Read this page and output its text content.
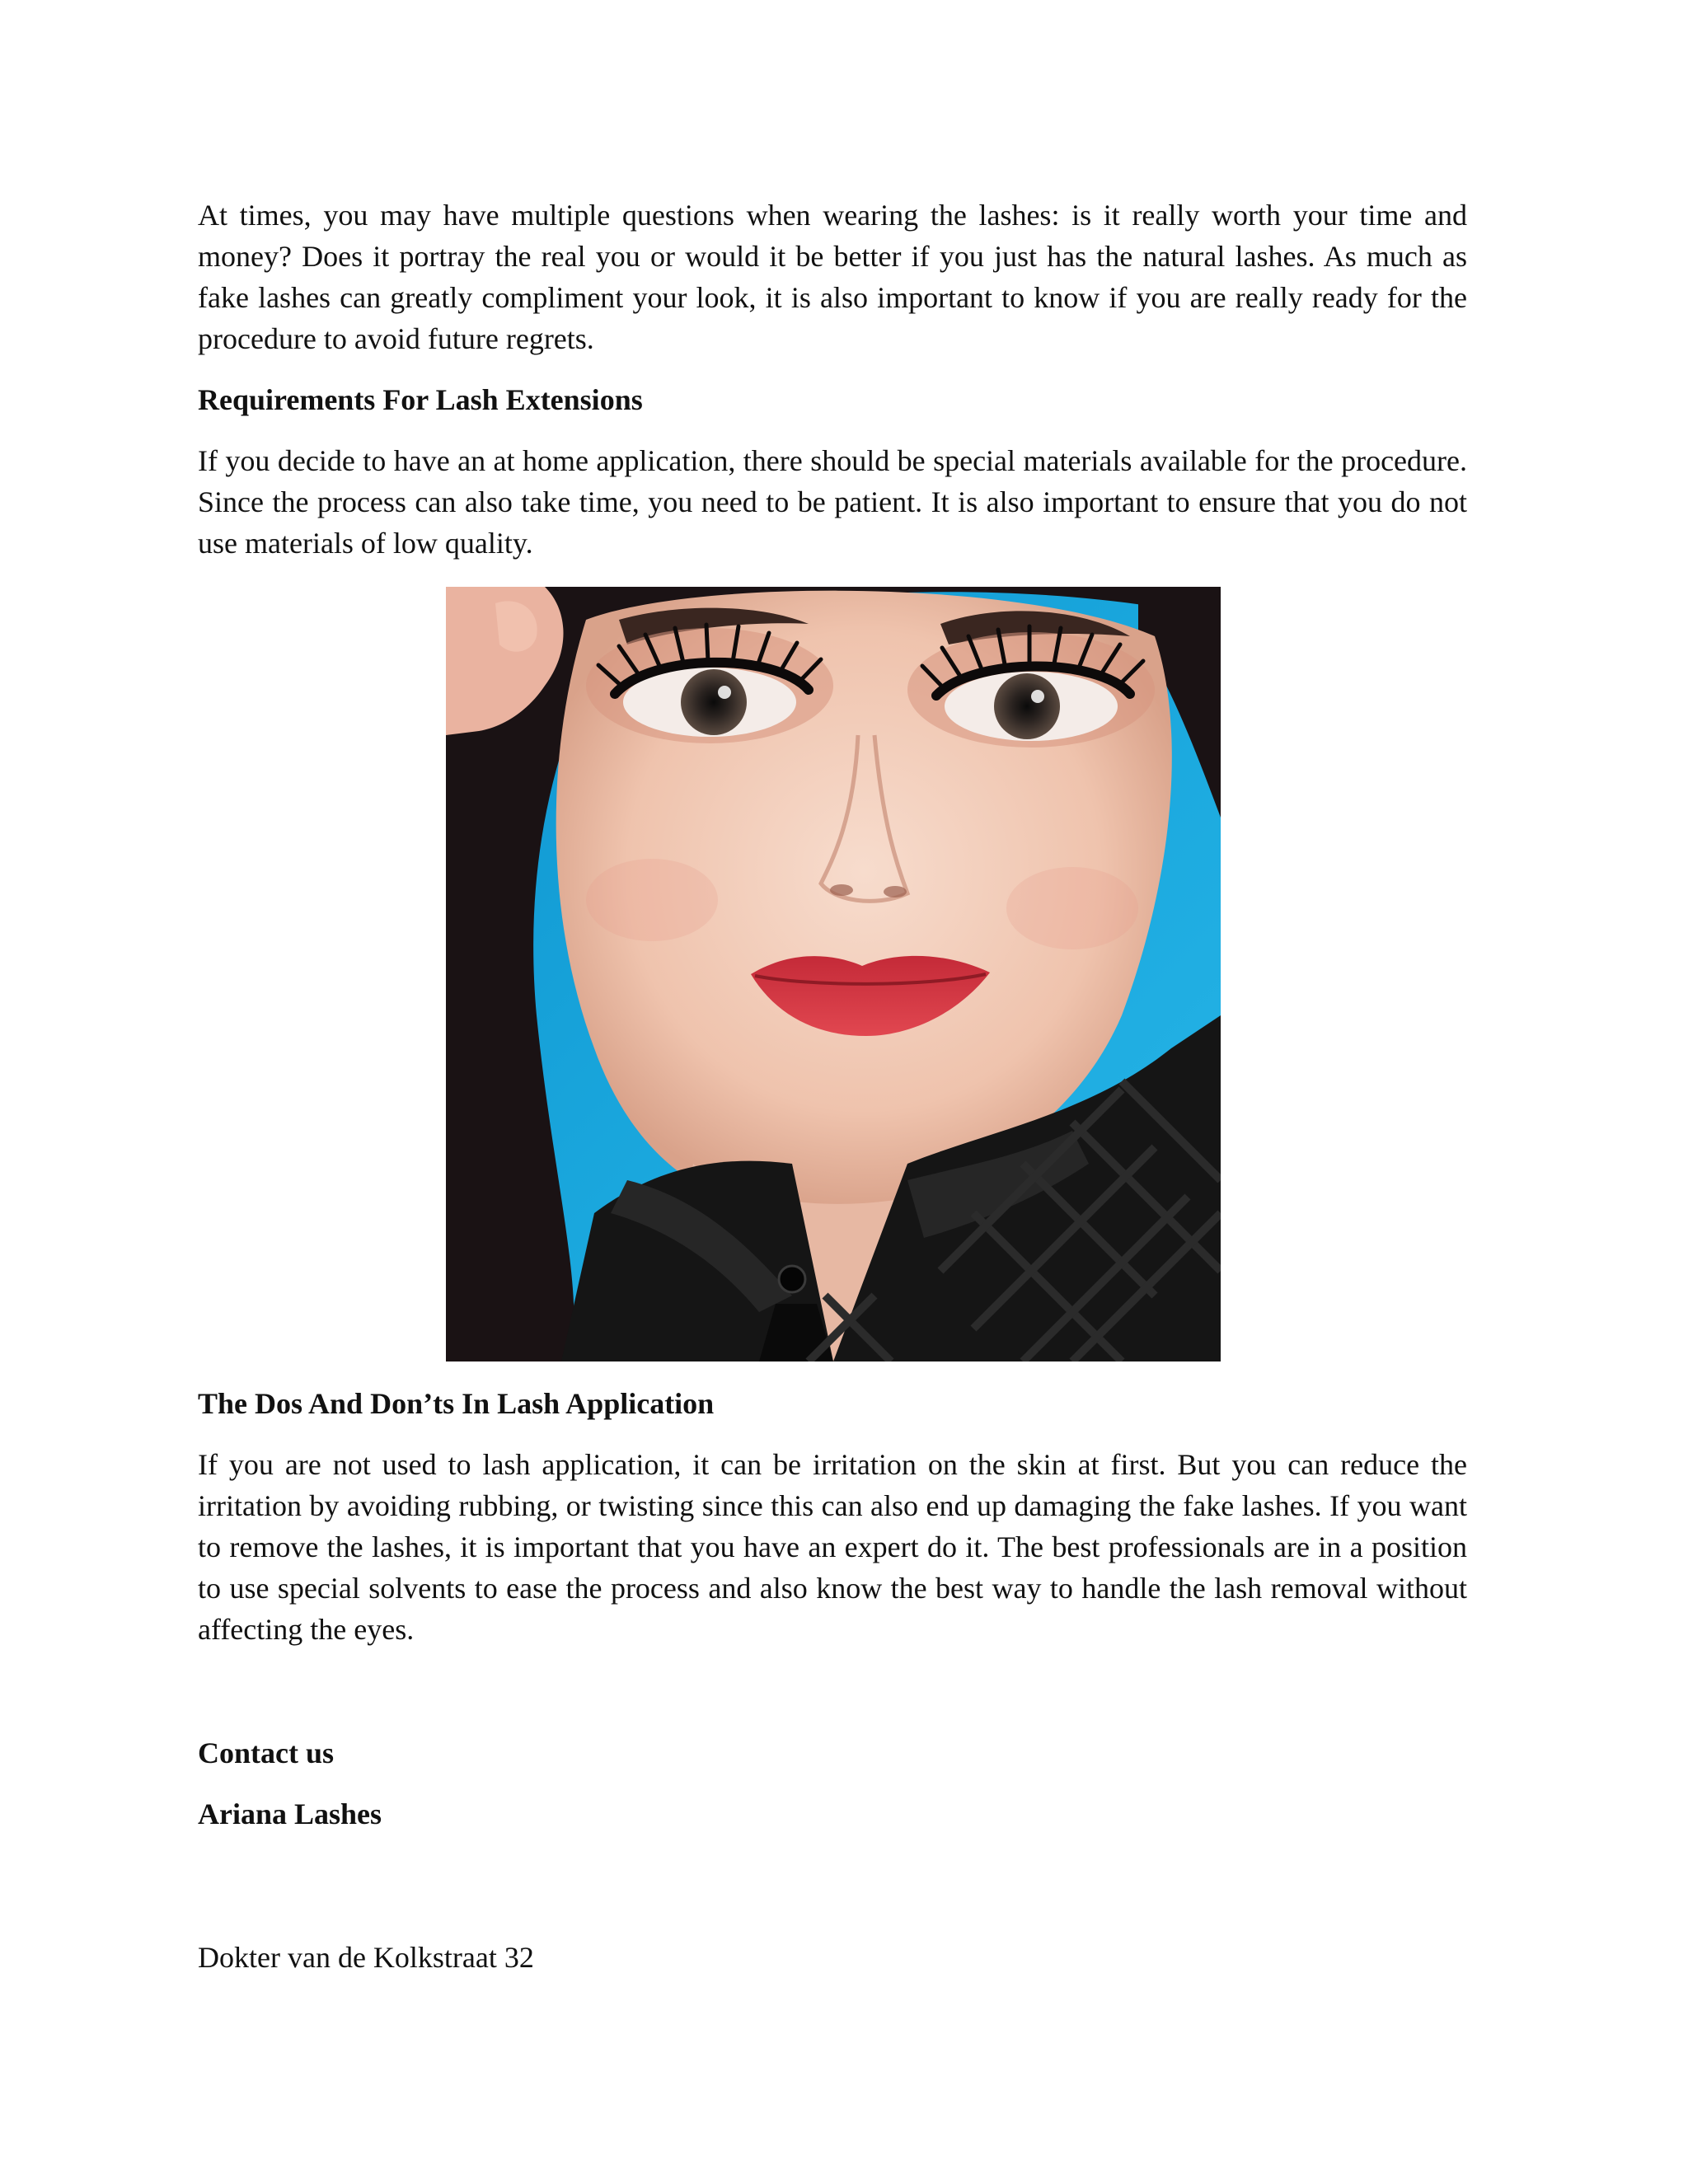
At times, you may have multiple questions when wearing the lashes: is it really worth your time and money? Does it portray the real you or would it be better if you just has the natural lashes. As much as fake lashes can greatly compliment your look, it is also important to know if you are really ready for the procedure to avoid future regrets.

Requirements For Lash Extensions

If you decide to have an at home application, there should be special materials available for the procedure. Since the process can also take time, you need to be patient. It is also important to ensure that you do not use materials of low quality.

The Dos And Don’ts In Lash Application

If you are not used to lash application, it can be irritation on the skin at first. But you can reduce the irritation by avoiding rubbing, or twisting since this can also end up damaging the fake lashes. If you want to remove the lashes, it is important that you have an expert do it. The best professionals are in a position to use special solvents to ease the process and also know the best way to handle the lash removal without affecting the eyes.

Contact us
Ariana Lashes

Dokter van de Kolkstraat 32
